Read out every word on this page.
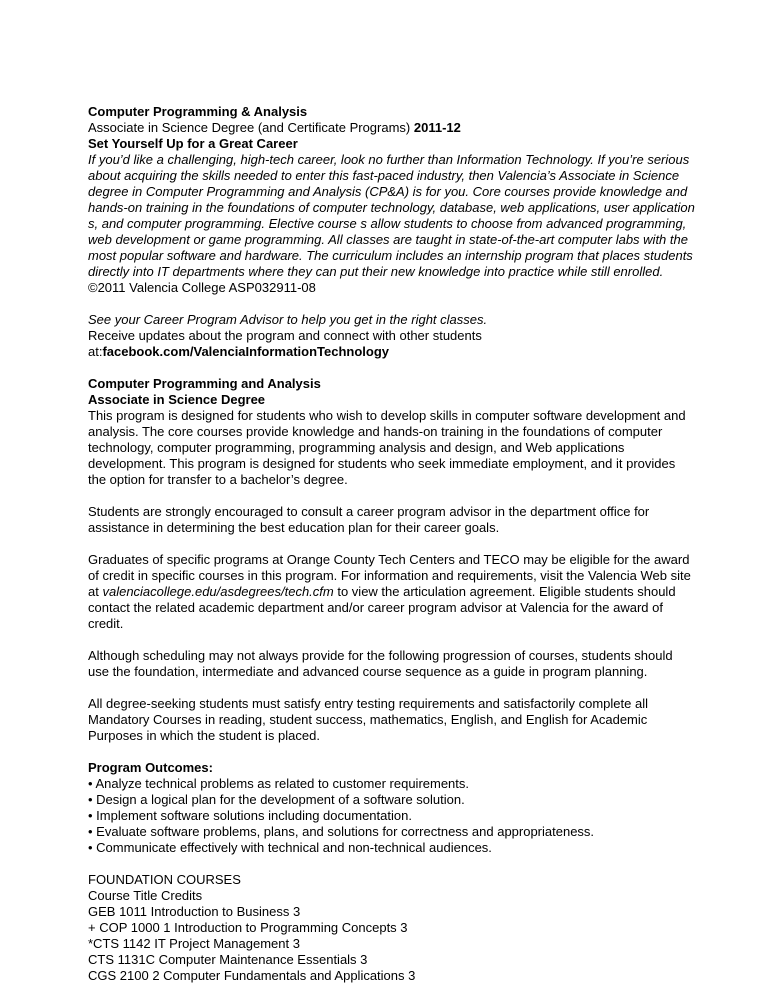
Computer Programming & Analysis

Associate in Science Degree (and Certificate Programs) 2011-12

Set Yourself Up for a Great Career

If you’d like a challenging, high-tech career, look no further than Information Technology. If you’re serious

about acquiring the skills needed to enter this fast-paced industry, then Valencia’s Associate in Science

degree in Computer Programming and Analysis (CP&A) is for you. Core courses provide knowledge and

hands-on training in the foundations of computer technology, database, web applications, user application

s, and computer programming. Elective course s allow students to choose from advanced programming,

web development or game programming. All classes are taught in state-of-the-art computer labs with the

most popular software and hardware. The curriculum includes an internship program that places students

directly into IT departments where they can put their new knowledge into practice while still enrolled.

©2011 Valencia College ASP032911-08

See your Career Program Advisor to help you get in the right classes.

Receive updates about the program and connect with other students

at:facebook.com/ValenciaInformationTechnology

Computer Programming and Analysis

Associate in Science Degree

This program is designed for students who wish to develop skills in computer software development and

analysis. The core courses provide knowledge and hands-on training in the foundations of computer

technology, computer programming, programming analysis and design, and Web applications

development. This program is designed for students who seek immediate employment, and it provides

the option for transfer to a bachelor’s degree.

Students are strongly encouraged to consult a career program advisor in the department office for

assistance in determining the best education plan for their career goals.

Graduates of specific programs at Orange County Tech Centers and TECO may be eligible for the award

of credit in specific courses in this program. For information and requirements, visit the Valencia Web site

at valenciacollege.edu/asdegrees/tech.cfm to view the articulation agreement. Eligible students should

contact the related academic department and/or career program advisor at Valencia for the award of

credit.

Although scheduling may not always provide for the following progression of courses, students should

use the foundation, intermediate and advanced course sequence as a guide in program planning.

All degree-seeking students must satisfy entry testing requirements and satisfactorily complete all

Mandatory Courses in reading, student success, mathematics, English, and English for Academic

Purposes in which the student is placed.

Program Outcomes:

• Analyze technical problems as related to customer requirements.

• Design a logical plan for the development of a software solution.

• Implement software solutions including documentation.

• Evaluate software problems, plans, and solutions for correctness and appropriateness.

• Communicate effectively with technical and non-technical audiences.

FOUNDATION COURSES

Course Title Credits

GEB 1011 Introduction to Business 3

+ COP 1000 1 Introduction to Programming Concepts 3

*CTS 1142 IT Project Management 3

CTS 1131C Computer Maintenance Essentials 3

CGS 2100 2 Computer Fundamentals and Applications 3
